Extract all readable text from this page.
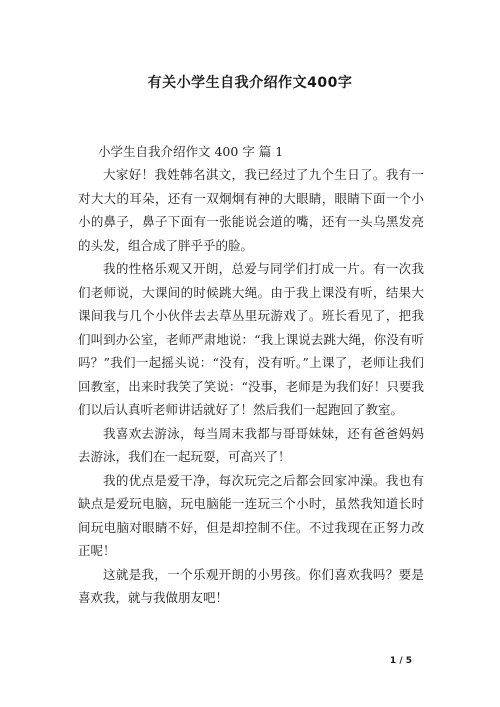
有关小学生自我介绍作文400字
小学生自我介绍作文 400 字 篇 1

大家好！我姓韩名淇文，我已经过了九个生日了。我有一对大大的耳朵，还有一双炯炯有神的大眼睛，眼睛下面一个小小的鼻子，鼻子下面有一张能说会道的嘴，还有一头乌黑发亮的头发，组合成了胖乎乎的脸。

我的性格乐观又开朗，总爱与同学们打成一片。有一次我们老师说，大课间的时候跳大绳。由于我上课没有听，结果大课间我与几个小伙伴去去草丛里玩游戏了。班长看见了，把我们叫到办公室，老师严肃地说：“我上课说去跳大绳，你没有听吗？”我们一起摇头说：“没有，没有听。”上课了，老师让我们回教室，出来时我笑了笑说：“没事，老师是为我们好！只要我们以后认真听老师讲话就好了！然后我们一起跑回了教室。

我喜欢去游泳，每当周末我都与哥哥妹妹，还有爸爸妈妈去游泳，我们在一起玩耍，可高兴了！

我的优点是爱干净，每次玩完之后都会回家冲澡。我也有缺点是爱玩电脑，玩电脑能一连玩三个小时，虽然我知道长时间玩电脑对眼睛不好，但是却控制不住。不过我现在正努力改正呢！

这就是我，一个乐观开朗的小男孩。你们喜欢我吗？要是喜欢我，就与我做朋友吧！

1 / 5
